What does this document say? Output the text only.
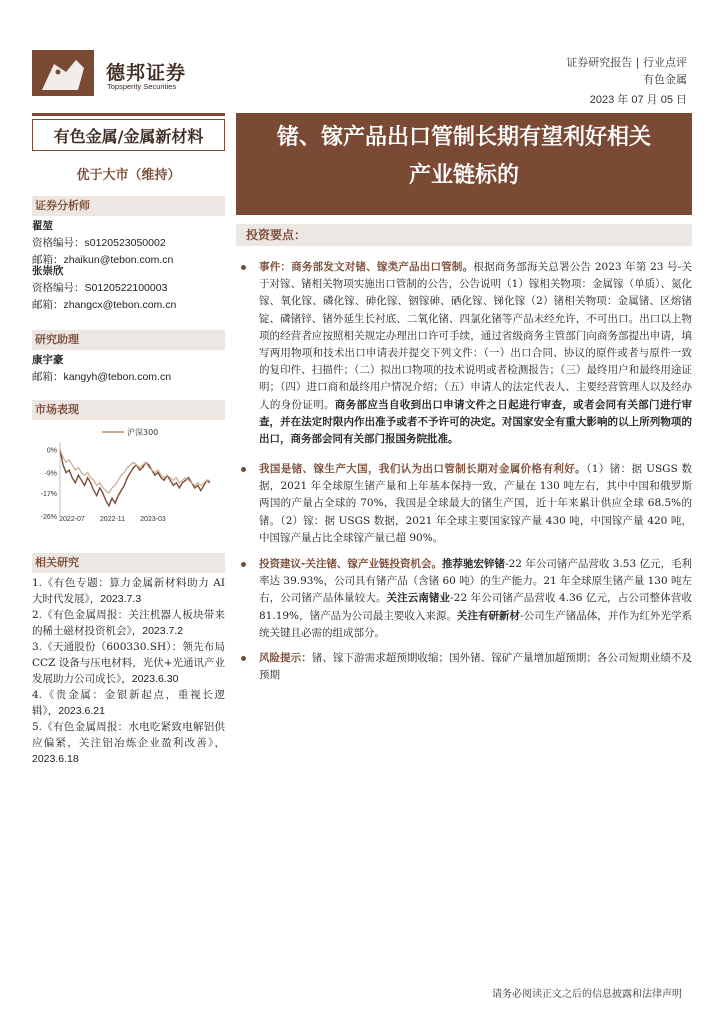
德邦证券
Topsperity Securities
证券研究报告 | 行业点评
有色金属
2023 年 07 月 05 日
有色金属/金属新材料
优于大市（维持）
证券分析师
翟堃
资格编号：s0120523050002
邮箱：zhaikun@tebon.com.cn
张崇欣
资格编号：S0120522100003
邮箱：zhangcx@tebon.com.cn
研究助理
康宇豪
邮箱：kangyh@tebon.com.cn
市场表现
0%
-9%
-17%
-26% 2022-07 2022-11 2023-03
沪深300
相关研究
1.《有色专题：算力金属新材料助力 AI 大时代发展》，2023.7.3
2.《有色金属周报：关注机器人板块带来的稀土磁材投资机会》，2023.7.2
3.《天通股份（600330.SH）：领先布局 CCZ 设备与压电材料，光伏+光通讯产业发展助力公司成长》，2023.6.30
4.《贵金属：金银新起点，重视长逻辑》，2023.6.21
5.《有色金属周报：水电吃紧致电解铝供应偏紧，关注铝冶炼企业盈利改善》，2023.6.18
锗、镓产品出口管制长期有望利好相关
产业链标的
投资要点：
事件：商务部发文对锗、镓类产品出口管制。根据商务部海关总署公告 2023 年第 23 号-关于对镓、锗相关物项实施出口管制的公告，公告说明（1）镓相关物项：金属镓（单质）、氮化镓、氧化镓、磷化镓、砷化镓、铟镓砷、硒化镓、锑化镓（2）锗相关物项：金属锗、区熔锗锭、磷锗锌、锗外延生长衬底、二氧化锗、四氯化锗等产品未经允许，不可出口。出口以上物项的经营者应按照相关规定办理出口许可手续，通过省级商务主管部门向商务部提出申请，填写两用物项和技术出口申请表并提交下列文件：（一）出口合同、协议的原件或者与原件一致的复印件、扫描件；（二）拟出口物项的技术说明或者检测报告；（三）最终用户和最终用途证明；（四）进口商和最终用户情况介绍；（五）申请人的法定代表人、主要经营管理人以及经办人的身份证明。商务部应当自收到出口申请文件之日起进行审查，或者会同有关部门进行审查，并在法定时限内作出准予或者不予许可的决定。对国家安全有重大影响的以上所列物项的出口，商务部会同有关部门报国务院批准。
我国是锗、镓生产大国，我们认为出口管制长期对金属价格有利好。（1）锗：据 USGS 数据，2021 年全球原生锗产量和上年基本保持一致，产量在 130 吨左右，其中中国和俄罗斯两国的产量占全球的 70%，我国是全球最大的锗生产国，近十年来累计供应全球 68.5%的锗。（2）镓：据 USGS 数据，2021 年全球主要国家镓产量 430 吨，中国镓产量 420 吨，中国镓产量占比全球镓产量已超 90%。
投资建议-关注锗、镓产业链投资机会。推荐驰宏锌锗-22 年公司锗产品营收 3.53 亿元，毛利率达 39.93%，公司具有锗产品（含锗 60 吨）的生产能力。21 年全球原生锗产量 130 吨左右，公司锗产品体量较大。关注云南锗业-22 年公司锗产品营收 4.36 亿元，占公司整体营收 81.19%，锗产品为公司最主要收入来源。关注有研新材-公司生产锗晶体，并作为红外光学系统关键且必需的组成部分。
风险提示：锗、镓下游需求超预期收缩；国外锗、镓矿产量增加超预期；各公司短期业绩不及预期
请务必阅读正文之后的信息披露和法律声明
